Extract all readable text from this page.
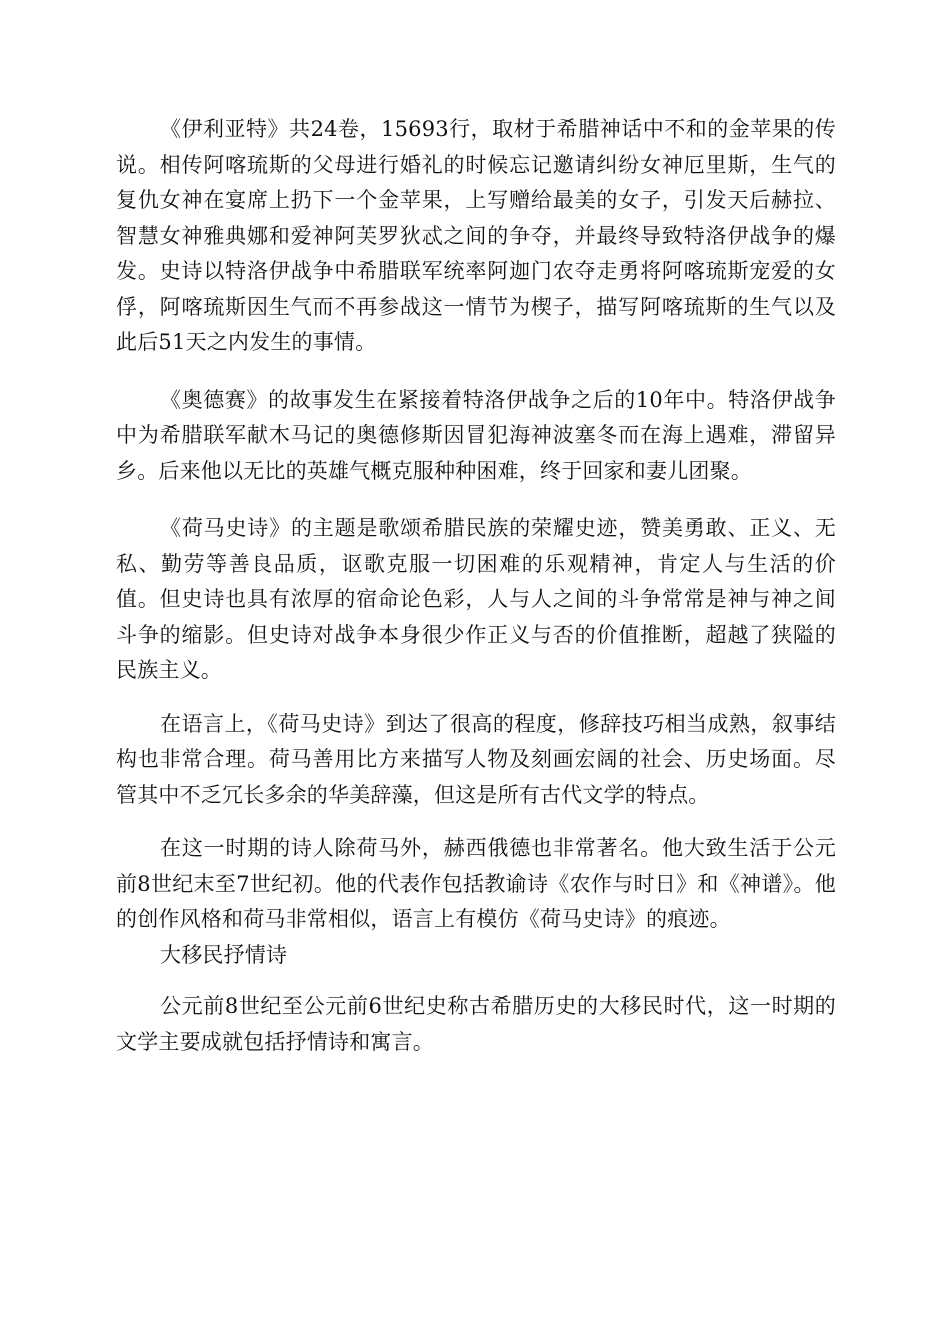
《伊利亚特》共24卷，15693行，取材于希腊神话中不和的金苹果的传说。相传阿喀琉斯的父母进行婚礼的时候忘记邀请纠纷女神厄里斯，生气的复仇女神在宴席上扔下一个金苹果，上写赠给最美的女子，引发天后赫拉、智慧女神雅典娜和爱神阿芙罗狄忒之间的争夺，并最终导致特洛伊战争的爆发。史诗以特洛伊战争中希腊联军统率阿迦门农夺走勇将阿喀琉斯宠爱的女俘，阿喀琉斯因生气而不再参战这一情节为楔子，描写阿喀琉斯的生气以及此后51天之内发生的事情。

《奥德赛》的故事发生在紧接着特洛伊战争之后的10年中。特洛伊战争中为希腊联军献木马记的奥德修斯因冒犯海神波塞冬而在海上遇难，滞留异乡。后来他以无比的英雄气概克服种种困难，终于回家和妻儿团聚。

《荷马史诗》的主题是歌颂希腊民族的荣耀史迹，赞美勇敢、正义、无私、勤劳等善良品质，讴歌克服一切困难的乐观精神，肯定人与生活的价值。但史诗也具有浓厚的宿命论色彩，人与人之间的斗争常常是神与神之间斗争的缩影。但史诗对战争本身很少作正义与否的价值推断，超越了狭隘的民族主义。

在语言上，《荷马史诗》到达了很高的程度，修辞技巧相当成熟，叙事结构也非常合理。荷马善用比方来描写人物及刻画宏阔的社会、历史场面。尽管其中不乏冗长多余的华美辞藻，但这是所有古代文学的特点。

在这一时期的诗人除荷马外，赫西俄德也非常著名。他大致生活于公元前8世纪末至7世纪初。他的代表作包括教谕诗《农作与时日》和《神谱》。他的创作风格和荷马非常相似，语言上有模仿《荷马史诗》的痕迹。

大移民抒情诗

公元前8世纪至公元前6世纪史称古希腊历史的大移民时代，这一时期的文学主要成就包括抒情诗和寓言。
